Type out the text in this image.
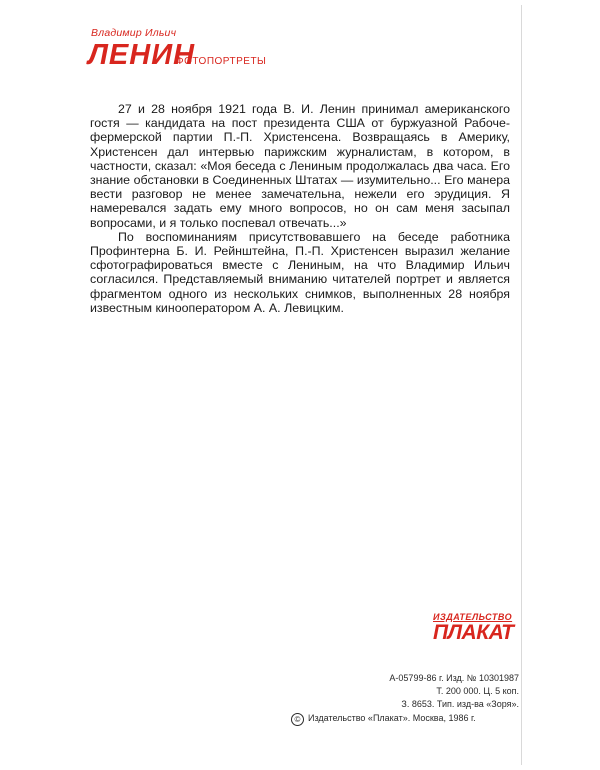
Владимир Ильич
ЛЕНИН
ФОТОПОРТРЕТЫ

27 и 28 ноября 1921 года В. И. Ленин принимал американского гостя — кандидата на пост президента США от буржуазной Рабоче-фермерской партии П.-П. Христенсена. Возвращаясь в Америку, Христенсен дал интервью парижским журналистам, в котором, в частности, сказал: «Моя беседа с Лениным продолжалась два часа. Его знание обстановки в Соединенных Штатах — изумительно... Его манера вести разговор не менее замечательна, нежели его эрудиция. Я намеревался задать ему много вопросов, но он сам меня засыпал вопросами, и я только поспевал отвечать...»

По воспоминаниям присутствовавшего на беседе работника Профинтерна Б. И. Рейнштейна, П.-П. Христенсен выразил желание сфотографироваться вместе с Лениным, на что Владимир Ильич согласился. Представляемый вниманию читателей портрет и является фрагментом одного из нескольких снимков, выполненных 28 ноября известным кинооператором А. А. Левицким.

ИЗДАТЕЛЬСТВО
ПЛАКАТ
А-05799-86 г. Изд. № 10301987
Т. 200 000. Ц. 5 коп.
З. 8653. Тип. изд-ва «Зоря».
© Издательство «Плакат». Москва, 1986 г.
